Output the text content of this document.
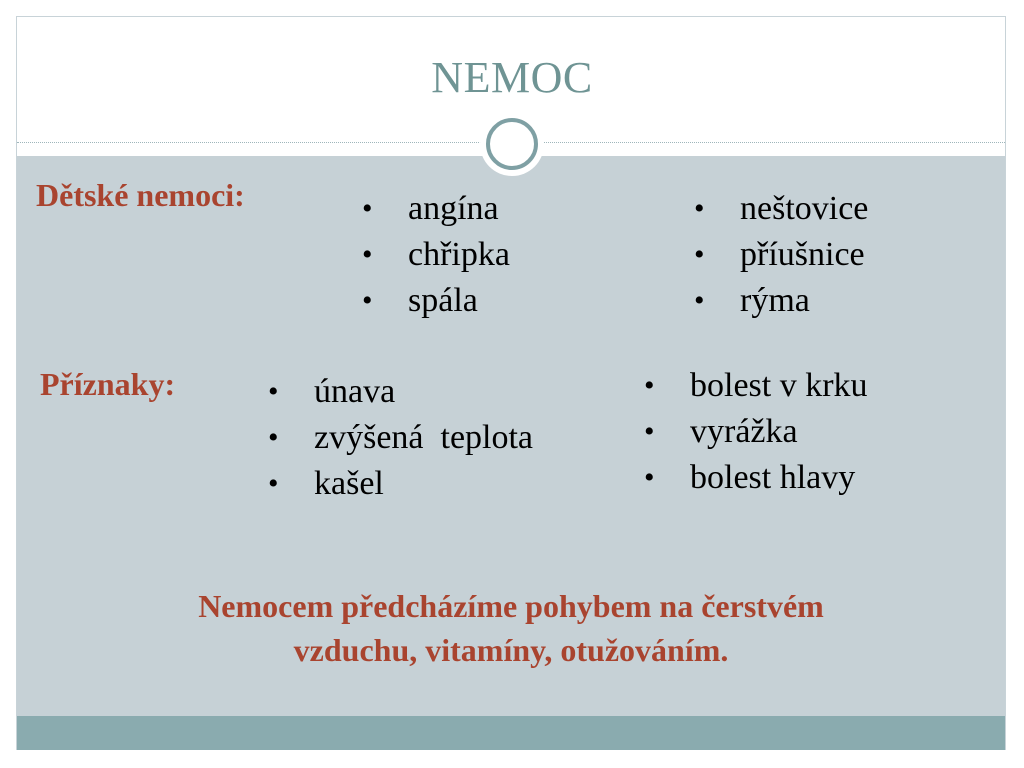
NEMOC
Dětské nemoci:	• angína
• chřipka
• spála
• neštovice
• příušnice
• rýma
Příznaky:	• únava
• zvýšená  teplota
• kašel
• bolest v krku
• vyrážka
• bolest hlavy
Nemocem předcházíme pohybem na čerstvém
vzduchu, vitamíny, otužováním.
